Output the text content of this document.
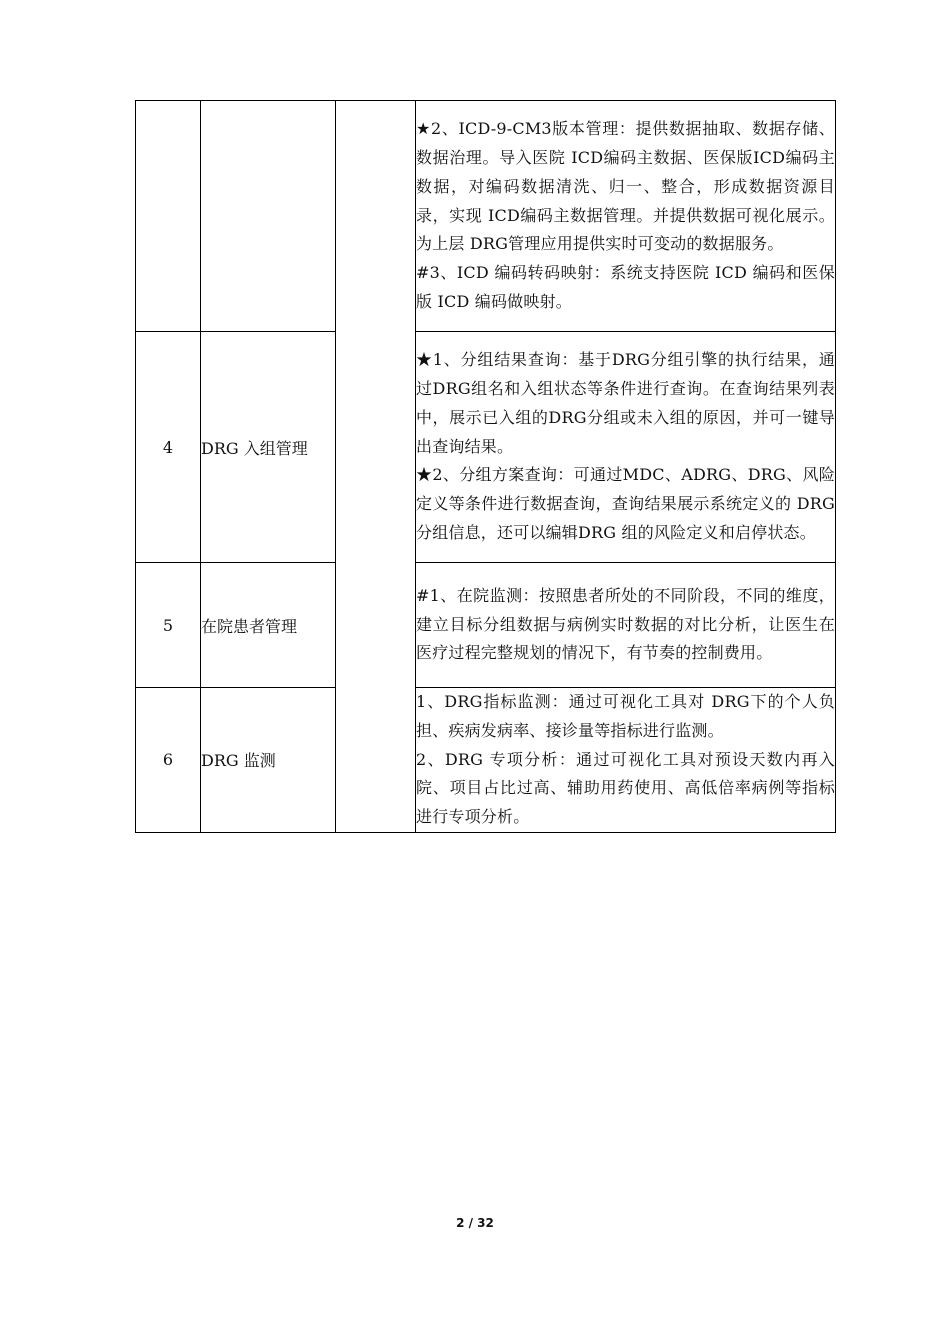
			★2、ICD-9-CM3版本管理：提供数据抽取、数据存储、数据治理。导入医院 ICD编码主数据、医保版ICD编码主数据，对编码数据清洗、归一、整合，形成数据资源目录，实现 ICD编码主数据管理。并提供数据可视化展示。为上层 DRG管理应用提供实时可变动的数据服务。

#3、ICD 编码转码映射：系统支持医院 ICD 编码和医保版 ICD 编码做映射。

4	DRG 入组管理		★1、分组结果查询：基于DRG分组引擎的执行结果，通过DRG组名和入组状态等条件进行查询。在查询结果列表中，展示已入组的DRG分组或未入组的原因，并可一键导出查询结果。

★2、分组方案查询：可通过MDC、ADRG、DRG、风险定义等条件进行数据查询，查询结果展示系统定义的 DRG 分组信息，还可以编辑DRG 组的风险定义和启停状态。

5	在院患者管理		#1、在院监测：按照患者所处的不同阶段，不同的维度，建立目标分组数据与病例实时数据的对比分析，让医生在医疗过程完整规划的情况下，有节奏的控制费用。

6	DRG 监测		1、DRG指标监测：通过可视化工具对 DRG下的个人负担、疾病发病率、接诊量等指标进行监测。

2、DRG 专项分析：通过可视化工具对预设天数内再入院、项目占比过高、辅助用药使用、高低倍率病例等指标进行专项分析。

2 / 32
